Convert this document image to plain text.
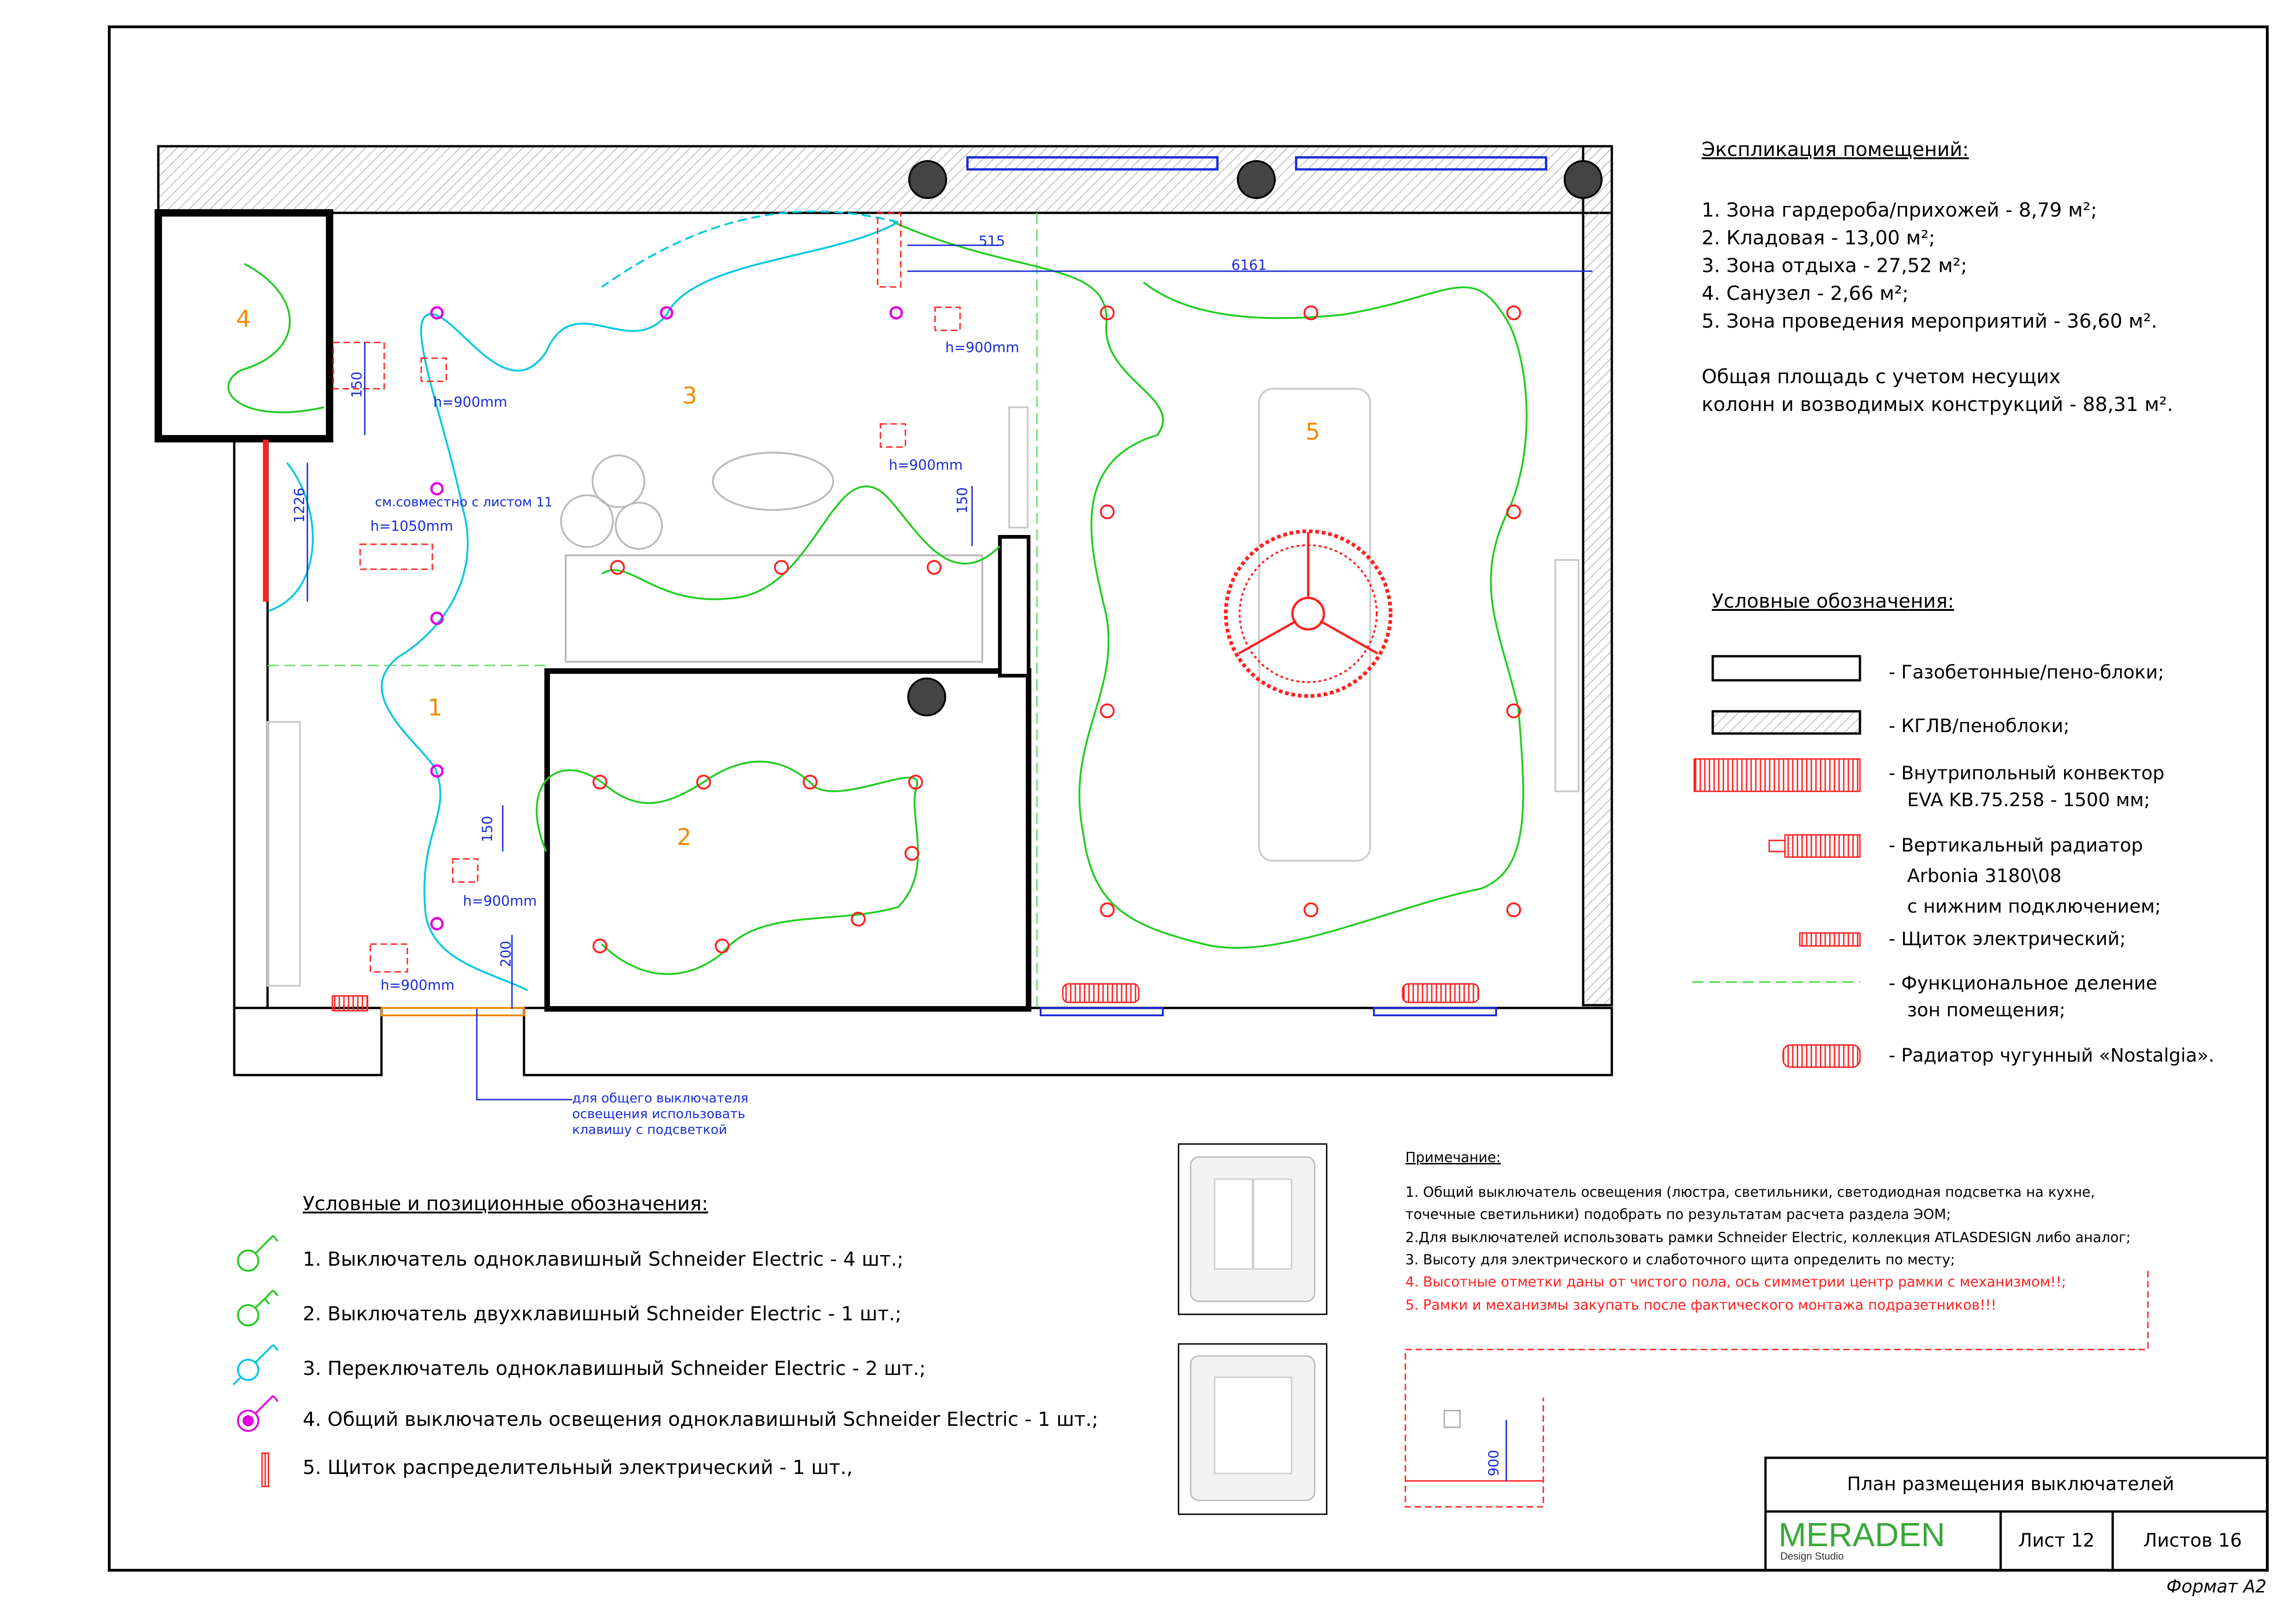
Экспликация помещений:
1. Зона гардероба/прихожей - 8,79 м²;
2. Кладовая - 13,00 м²;
3. Зона отдыха - 27,52 м²;
4. Санузел - 2,66 м²;
5. Зона проведения мероприятий - 36,60 м².
Общая площадь с учетом несущих
колонн и возводимых конструкций - 88,31 м².
Условные обозначения:
- Газобетонные/пено-блоки;
- КГЛВ/пеноблоки;
- Внутрипольный конвектор
EVA KB.75.258 - 1500 мм;
- Вертикальный радиатор
Arbonia 3180\08
с нижним подключением;
- Щиток электрический;
- Функциональное деление
зон помещения;
- Радиатор чугунный «Nostalgia».
Условные и позиционные обозначения:
1. Выключатель одноклавишный Schneider Electric - 4 шт.;
2. Выключатель двухклавишный Schneider Electric - 1 шт.;
3. Переключатель одноклавишный Schneider Electric - 2 шт.;
4. Общий выключатель освещения одноклавишный Schneider Electric - 1 шт.;
5. Щиток распределительный электрический - 1 шт.,
Примечание:
1. Общий выключатель освещения (люстра, светильники, светодиодная подсветка на кухне,
точечные светильники) подобрать по результатам расчета раздела ЭОМ;
2.Для выключателей использовать рамки Schneider Electric, коллекция ATLASDESIGN либо аналог;
3. Высоту для электрического и слаботочного щита определить по месту;
4. Высотные отметки даны от чистого пола, ось симметрии центр рамки с механизмом!!;
5. Рамки и механизмы закупать после фактического монтажа подразетников!!!
4
3
5
1
2
515
6161
150
1226	150
150
200
900
h=900mm
h=900mm
h=900mm
h=1050mm
h=900mm
h=900mm
см.совместно с листом 11
для общего выключателя
освещения использовать
клавишу с подсветкой
План размещения выключателей
MERADEN
Design Studio
Лист 12	Листов 16
Формат А2
